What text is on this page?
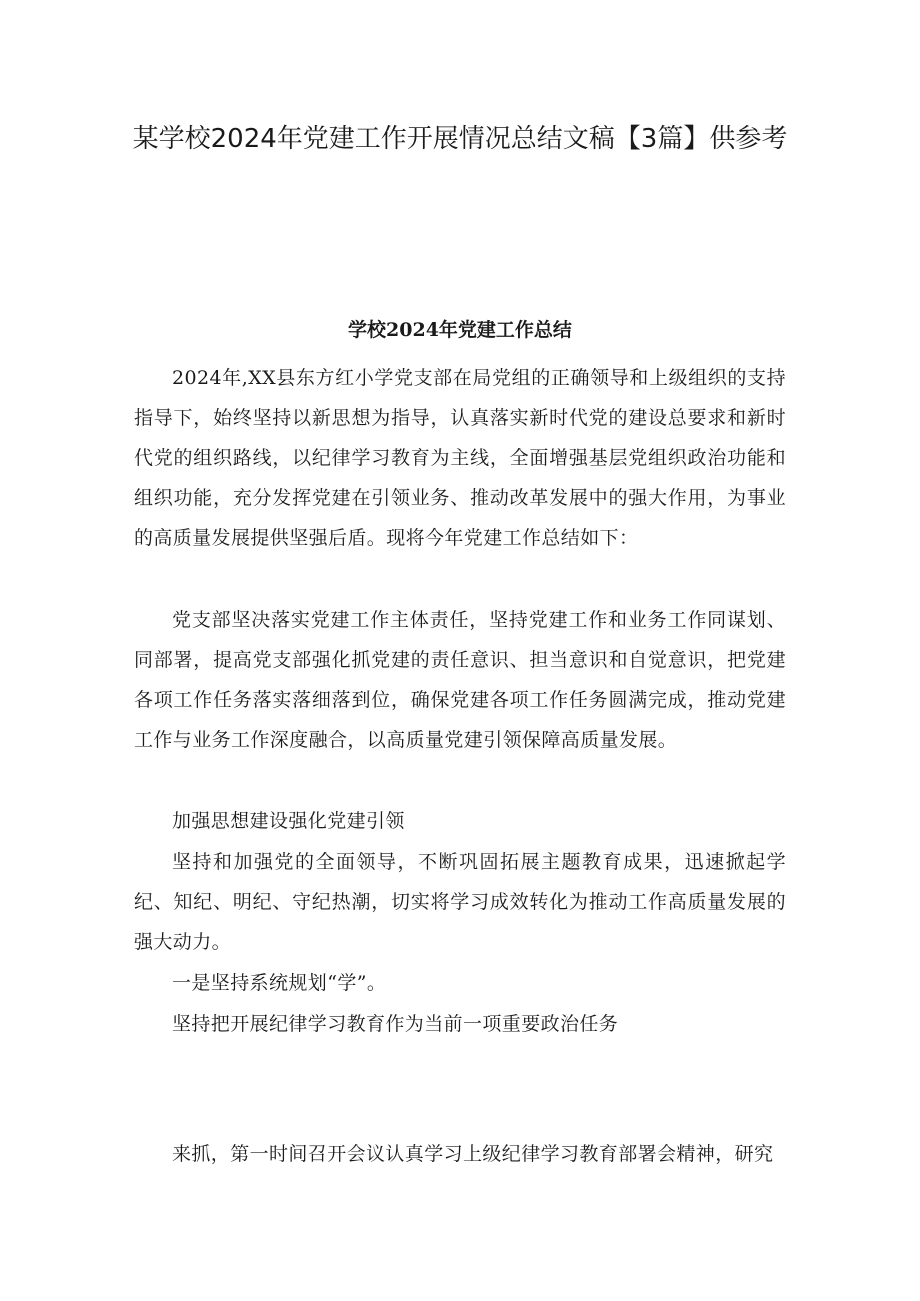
某学校2024年党建工作开展情况总结文稿【3篇】供参考
学校2024年党建工作总结

2024年,XX县东方红小学党支部在局党组的正确领导和上级组织的支持指导下，始终坚持以新思想为指导，认真落实新时代党的建设总要求和新时代党的组织路线，以纪律学习教育为主线，全面增强基层党组织政治功能和组织功能，充分发挥党建在引领业务、推动改革发展中的强大作用，为事业的高质量发展提供坚强后盾。现将今年党建工作总结如下：

党支部坚决落实党建工作主体责任，坚持党建工作和业务工作同谋划、同部署，提高党支部强化抓党建的责任意识、担当意识和自觉意识，把党建各项工作任务落实落细落到位，确保党建各项工作任务圆满完成，推动党建工作与业务工作深度融合，以高质量党建引领保障高质量发展。

加强思想建设强化党建引领

坚持和加强党的全面领导，不断巩固拓展主题教育成果，迅速掀起学纪、知纪、明纪、守纪热潮，切实将学习成效转化为推动工作高质量发展的强大动力。

一是坚持系统规划“学”。

坚持把开展纪律学习教育作为当前一项重要政治任务

来抓，第一时间召开会议认真学习上级纪律学习教育部署会精神，研究
